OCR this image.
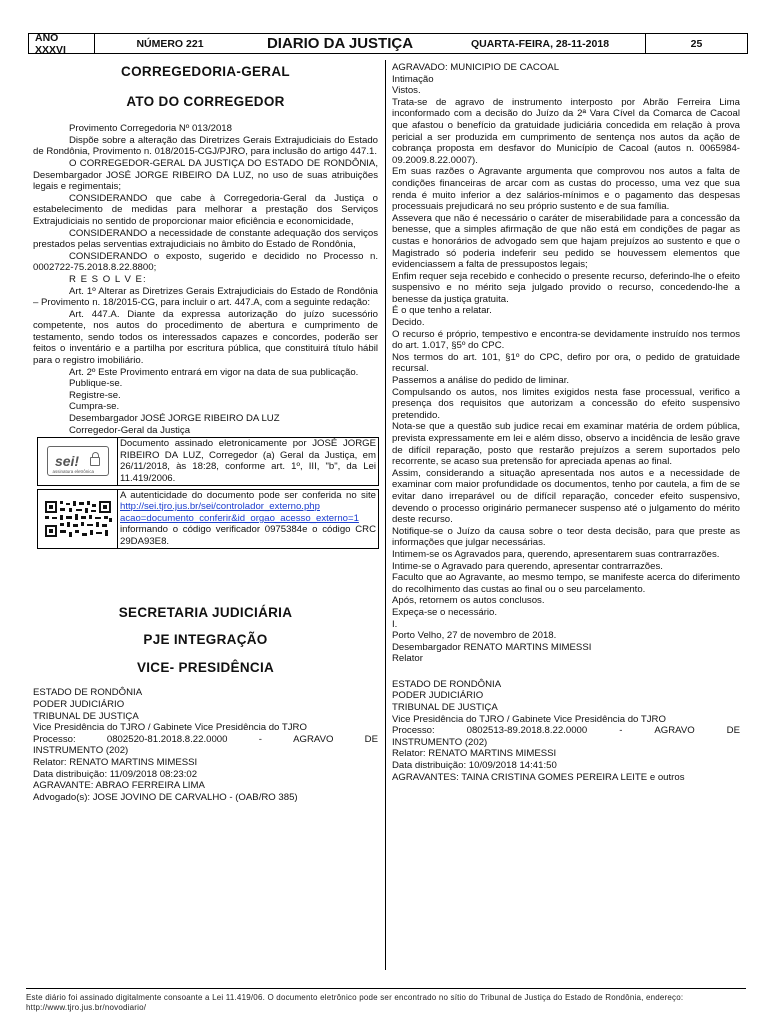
ANO XXXVI	NÚMERO 221	DIARIO DA JUSTIÇA	QUARTA-FEIRA, 28-11-2018	25
CORREGEDORIA-GERAL
ATO DO CORREGEDOR
Provimento Corregedoria Nº 013/2018
Dispõe sobre a alteração das Diretrizes Gerais Extrajudiciais do Estado de Rondônia, Provimento n. 018/2015-CGJ/PJRO, para inclusão do artigo 447.1.
O CORREGEDOR-GERAL DA JUSTIÇA DO ESTADO DE RONDÔNIA, Desembargador JOSÉ JORGE RIBEIRO DA LUZ, no uso de suas atribuições legais e regimentais;
CONSIDERANDO que cabe à Corregedoria-Geral da Justiça o estabelecimento de medidas para melhorar a prestação dos Serviços Extrajudiciais no sentido de proporcionar maior eficiência e economicidade,
CONSIDERANDO a necessidade de constante adequação dos serviços prestados pelas serventias extrajudiciais no âmbito do Estado de Rondônia,
CONSIDERANDO o exposto, sugerido e decidido no Processo n. 0002722-75.2018.8.22.8800;
R E S O L V E:
Art. 1º Alterar as Diretrizes Gerais Extrajudiciais do Estado de Rondônia – Provimento n. 18/2015-CG, para incluir o art. 447.A, com a seguinte redação:
Art. 447.A. Diante da expressa autorização do juízo sucessório competente, nos autos do procedimento de abertura e cumprimento de testamento, sendo todos os interessados capazes e concordes, poderão ser feitos o inventário e a partilha por escritura pública, que constituirá título hábil para o registro imobiliário.
Art. 2º Este Provimento entrará em vigor na data de sua publicação.
Publique-se.
Registre-se.
Cumpra-se.
Desembargador JOSÉ JORGE RIBEIRO DA LUZ
Corregedor-Geral da Justiça
sei!
assinatura eletrônica
Documento assinado eletronicamente por JOSÉ JORGE RIBEIRO DA LUZ, Corregedor (a) Geral da Justiça, em 26/11/2018, às 18:28, conforme art. 1º, III, "b", da Lei 11.419/2006.
A autenticidade do documento pode ser conferida no site http://sei.tjro.jus.br/sei/controlador_externo.php acao=documento_conferir&id_orgao_acesso_externo=1 informando o código verificador 0975384e o código CRC 29DA93E8.
SECRETARIA JUDICIÁRIA
PJE INTEGRAÇÃO
VICE- PRESIDÊNCIA
ESTADO DE RONDÔNIA
PODER JUDICIÁRIO
TRIBUNAL DE JUSTIÇA
Vice Presidência do TJRO / Gabinete Vice Presidência do TJRO
Processo:	0802520-81.2018.8.22.0000	-	AGRAVO	DE
INSTRUMENTO (202)
Relator: RENATO MARTINS MIMESSI
Data distribuição: 11/09/2018 08:23:02
AGRAVANTE: ABRAO FERREIRA LIMA
Advogado(s): JOSE JOVINO DE CARVALHO - (OAB/RO 385)
AGRAVADO: MUNICIPIO DE CACOAL
Intimação
Vistos.
Trata-se de agravo de instrumento interposto por Abrão Ferreira Lima inconformado com a decisão do Juízo da 2ª Vara Cível da Comarca de Cacoal que afastou o benefício da gratuidade judiciária concedida em relação à prova pericial a ser produzida em cumprimento de sentença nos autos da ação de cobrança proposta em desfavor do Município de Cacoal (autos n. 0065984-09.2009.8.22.0007).
Em suas razões o Agravante argumenta que comprovou nos autos a falta de condições financeiras de arcar com as custas do processo, uma vez que sua renda é muito inferior a dez salários-mínimos e o pagamento das despesas processuais prejudicará no seu próprio sustento e de sua família.
Assevera que não é necessário o caráter de miserabilidade para a concessão da benesse, que a simples afirmação de que não está em condições de pagar as custas e honorários de advogado sem que hajam prejuízos ao sustento e que o Magistrado só poderia indeferir seu pedido se houvessem elementos que evidenciassem a falta de pressupostos legais;
Enfim requer seja recebido e conhecido o presente recurso, deferindo-lhe o efeito suspensivo e no mérito seja julgado provido o recurso, concedendo-lhe a benesse da justiça gratuita.
É o que tenho a relatar.
Decido.
O recurso é próprio, tempestivo e encontra-se devidamente instruído nos termos do art. 1.017, §5º do CPC.
Nos termos do art. 101, §1º do CPC, defiro por ora, o pedido de gratuidade recursal.
Passemos a análise do pedido de liminar.
Compulsando os autos, nos limites exigidos nesta fase processual, verifico a presença dos requisitos que autorizam a concessão do efeito suspensivo pretendido.
Nota-se que a questão sub judice recai em examinar matéria de ordem pública, prevista expressamente em lei e além disso, observo a incidência de lesão grave de difícil reparação, posto que restarão prejuízos a serem suportados pelo recorrente, se acaso sua pretensão for apreciada apenas ao final.
Assim, considerando a situação apresentada nos autos e a necessidade de examinar com maior profundidade os documentos, tenho por cautela, a fim de se evitar dano irreparável ou de difícil reparação, conceder efeito suspensivo, devendo o processo originário permanecer suspenso até o julgamento do mérito deste recurso.
Notifique-se o Juízo da causa sobre o teor desta decisão, para que preste as informações que julgar necessárias.
Intimem-se os Agravados para, querendo, apresentarem suas contrarrazões.
Intime-se o Agravado para querendo, apresentar contrarrazões.
Faculto que ao Agravante, ao mesmo tempo, se manifeste acerca do diferimento do recolhimento das custas ao final ou o seu parcelamento.
Após, retornem os autos conclusos.
Expeça-se o necessário.
I.
Porto Velho, 27 de novembro de 2018.
Desembargador RENATO MARTINS MIMESSI
Relator
ESTADO DE RONDÔNIA
PODER JUDICIÁRIO
TRIBUNAL DE JUSTIÇA
Vice Presidência do TJRO / Gabinete Vice Presidência do TJRO
Processo:	0802513-89.2018.8.22.0000	-	AGRAVO	DE
INSTRUMENTO (202)
Relator: RENATO MARTINS MIMESSI
Data distribuição: 10/09/2018 14:41:50
AGRAVANTES: TAINA CRISTINA GOMES PEREIRA LEITE e outros
Este diário foi assinado digitalmente consoante a Lei 11.419/06. O documento eletrônico pode ser encontrado no sítio do Tribunal de Justiça do Estado de Rondônia, endereço: http://www.tjro.jus.br/novodiario/
